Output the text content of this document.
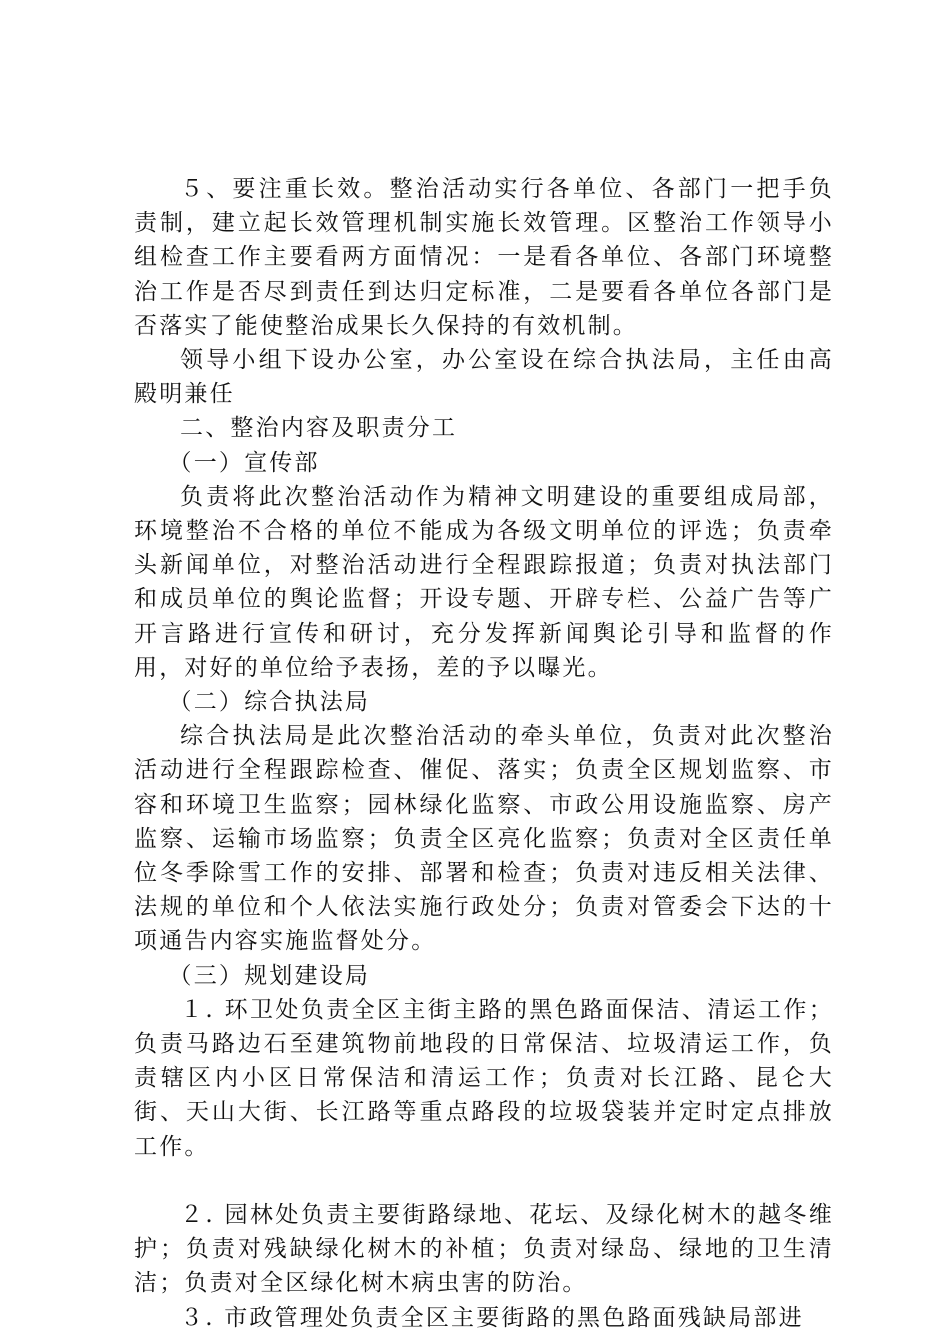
５、要注重长效。整治活动实行各单位、各部门一把手负责制，建立起长效管理机制实施长效管理。区整治工作领导小组检查工作主要看两方面情况：一是看各单位、各部门环境整治工作是否尽到责任到达归定标准，二是要看各单位各部门是否落实了能使整治成果长久保持的有效机制。

领导小组下设办公室，办公室设在综合执法局，主任由高殿明兼任

二、整治内容及职责分工

（一）宣传部

负责将此次整治活动作为精神文明建设的重要组成局部，环境整治不合格的单位不能成为各级文明单位的评选；负责牵头新闻单位，对整治活动进行全程跟踪报道；负责对执法部门和成员单位的舆论监督；开设专题、开辟专栏、公益广告等广开言路进行宣传和研讨，充分发挥新闻舆论引导和监督的作用，对好的单位给予表扬，差的予以曝光。

（二）综合执法局

综合执法局是此次整治活动的牵头单位，负责对此次整治活动进行全程跟踪检查、催促、落实；负责全区规划监察、市容和环境卫生监察；园林绿化监察、市政公用设施监察、房产监察、运输市场监察；负责全区亮化监察；负责对全区责任单位冬季除雪工作的安排、部署和检查；负责对违反相关法律、法规的单位和个人依法实施行政处分；负责对管委会下达的十项通告内容实施监督处分。

（三）规划建设局

１. 环卫处负责全区主街主路的黑色路面保洁、清运工作；负责马路边石至建筑物前地段的日常保洁、垃圾清运工作，负责辖区内小区日常保洁和清运工作；负责对长江路、昆仑大街、天山大街、长江路等重点路段的垃圾袋装并定时定点排放工作。

２. 园林处负责主要街路绿地、花坛、及绿化树木的越冬维护；负责对残缺绿化树木的补植；负责对绿岛、绿地的卫生清洁；负责对全区绿化树木病虫害的防治。

３. 市政管理处负责全区主要街路的黑色路面残缺局部进
